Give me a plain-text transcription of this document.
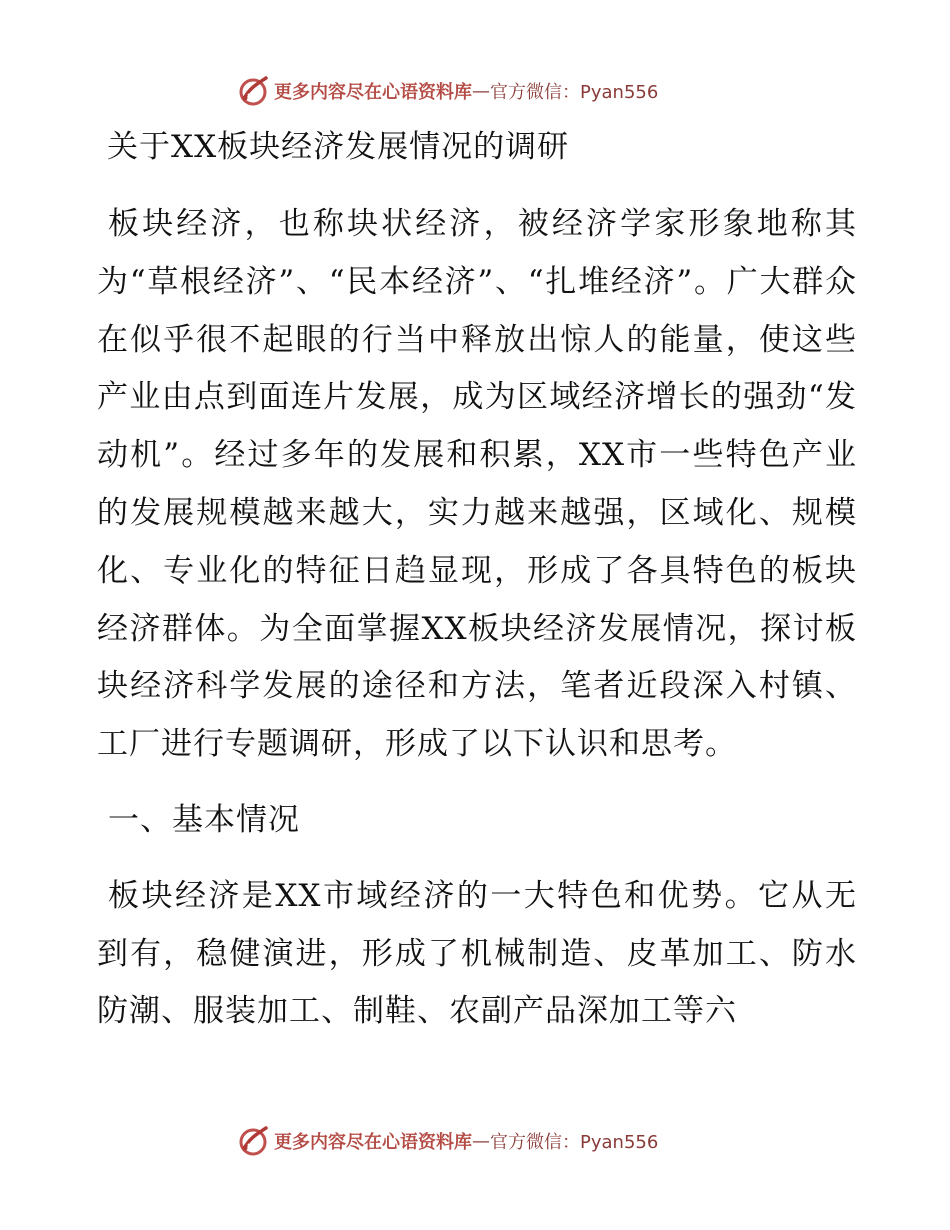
更多内容尽在心语资料库 — 官方微信：Pyan556
关于XX板块经济发展情况的调研

板块经济，也称块状经济，被经济学家形象地称其为“草根经济”、“民本经济”、“扎堆经济”。广大群众在似乎很不起眼的行当中释放出惊人的能量，使这些产业由点到面连片发展，成为区域经济增长的强劲“发动机”。经过多年的发展和积累，XX市一些特色产业的发展规模越来越大，实力越来越强，区域化、规模化、专业化的特征日趋显现，形成了各具特色的板块经济群体。为全面掌握XX板块经济发展情况，探讨板块经济科学发展的途径和方法，笔者近段深入村镇、工厂进行专题调研，形成了以下认识和思考。

一、基本情况

板块经济是XX市域经济的一大特色和优势。它从无到有，稳健演进，形成了机械制造、皮革加工、防水防潮、服装加工、制鞋、农副产品深加工等六

更多内容尽在心语资料库 — 官方微信：Pyan556
